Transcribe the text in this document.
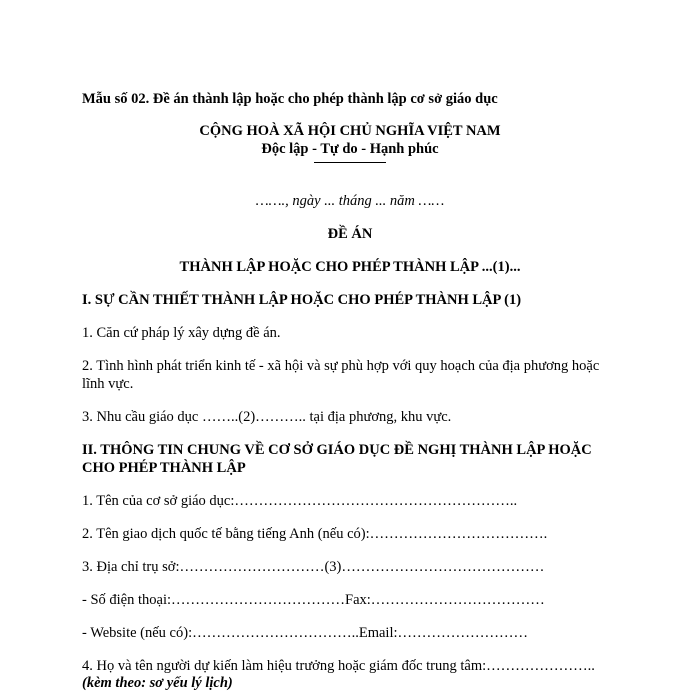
Mẫu số 02. Đề án thành lập hoặc cho phép thành lập cơ sở giáo dục
CỘNG HOÀ XÃ HỘI CHỦ NGHĨA VIỆT NAM
Độc lập - Tự do - Hạnh phúc
……., ngày ... tháng ... năm ……
ĐỀ ÁN
THÀNH LẬP HOẶC CHO PHÉP THÀNH LẬP ...(1)...
I. SỰ CẦN THIẾT THÀNH LẬP HOẶC CHO PHÉP THÀNH LẬP (1)
1. Căn cứ pháp lý xây dựng đề án.
2. Tình hình phát triển kinh tế - xã hội và sự phù hợp với quy hoạch của địa phương hoặc lĩnh vực.
3. Nhu cầu giáo dục ……..(2)……….. tại địa phương, khu vực.
II. THÔNG TIN CHUNG VỀ CƠ SỞ GIÁO DỤC ĐỀ NGHỊ THÀNH LẬP HOẶC CHO PHÉP THÀNH LẬP
1. Tên của cơ sở giáo dục:…………………………………………………..
2. Tên giao dịch quốc tế bằng tiếng Anh (nếu có):……………………………….
3. Địa chỉ trụ sở:…………………………(3)……………………………………
- Số điện thoại:………………………………Fax:………………………………
- Website (nếu có):……………………………..Email:………………………
4. Họ và tên người dự kiến làm hiệu trưởng hoặc giám đốc trung tâm:…………………..
(kèm theo: sơ yếu lý lịch)
